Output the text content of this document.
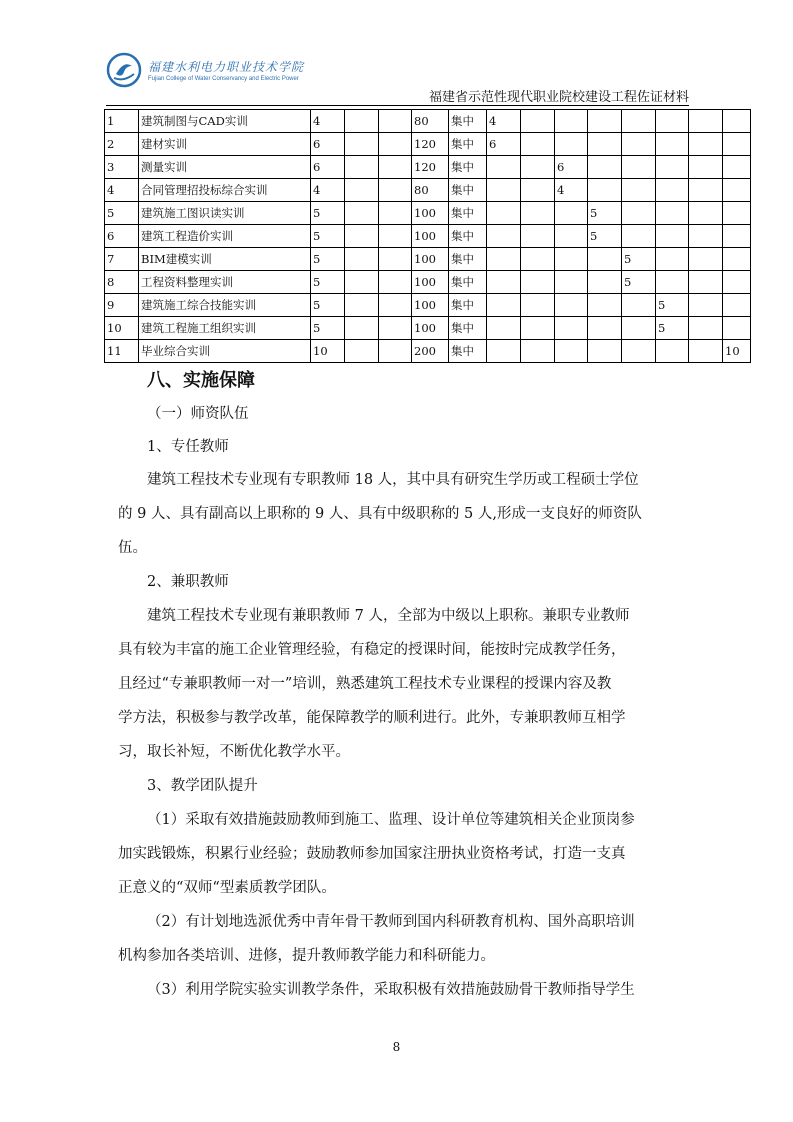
福建水利电力职业技术学院
Fujian College of Water Conservancy and Electric Power
福建省示范性现代职业院校建设工程佐证材料
1	建筑制图与CAD实训	4			80	集中	4							
2	建材实训	6			120	集中	6							
3	测量实训	6			120	集中			6					
4	合同管理招投标综合实训	4			80	集中			4					
5	建筑施工图识读实训	5			100	集中				5				
6	建筑工程造价实训	5			100	集中				5				
7	BIM建模实训	5			100	集中					5			
8	工程资料整理实训	5			100	集中					5			
9	建筑施工综合技能实训	5			100	集中						5		
10	建筑工程施工组织实训	5			100	集中						5		
11	毕业综合实训	10			200	集中								10
八、实施保障
（一）师资队伍
1、专任教师
建筑工程技术专业现有专职教师 18 人，其中具有研究生学历或工程硕士学位
的 9 人、具有副高以上职称的 9 人、具有中级职称的 5 人,形成一支良好的师资队
伍。
2、兼职教师
建筑工程技术专业现有兼职教师 7 人，全部为中级以上职称。兼职专业教师
具有较为丰富的施工企业管理经验，有稳定的授课时间，能按时完成教学任务，
且经过“专兼职教师一对一”培训，熟悉建筑工程技术专业课程的授课内容及教
学方法，积极参与教学改革，能保障教学的顺利进行。此外，专兼职教师互相学
习，取长补短，不断优化教学水平。
3、教学团队提升
（1）采取有效措施鼓励教师到施工、监理、设计单位等建筑相关企业顶岗参
加实践锻炼，积累行业经验；鼓励教师参加国家注册执业资格考试，打造一支真
正意义的“双师“型素质教学团队。
（2）有计划地选派优秀中青年骨干教师到国内科研教育机构、国外高职培训
机构参加各类培训、进修，提升教师教学能力和科研能力。
（3）利用学院实验实训教学条件，采取积极有效措施鼓励骨干教师指导学生
8
